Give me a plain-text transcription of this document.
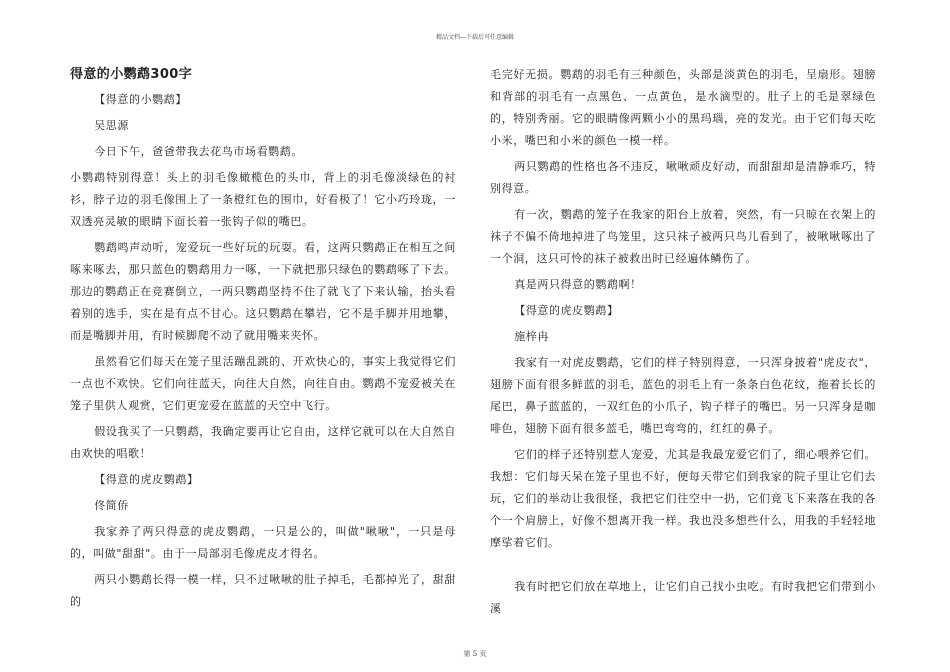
精品文档---下载后可任意编辑
得意的小鹦鹉300字

【得意的小鹦鹉】

吴思源

今日下午，爸爸带我去花鸟市场看鹦鹉。

小鹦鹉特别得意！头上的羽毛像橄榄色的头巾，背上的羽毛像淡绿色的衬衫，脖子边的羽毛像围上了一条橙红色的围巾，好看极了！它小巧玲珑，一双透亮灵敏的眼睛下面长着一张钩子似的嘴巴。

鹦鹉鸣声动听，宠爱玩一些好玩的玩耍。看，这两只鹦鹉正在相互之间啄来啄去，那只蓝色的鹦鹉用力一啄，一下就把那只绿色的鹦鹉啄了下去。那边的鹦鹉正在竞赛倒立，一两只鹦鹉坚持不住了就飞了下来认输，抬头看着别的选手，实在是有点不甘心。这只鹦鹉在攀岩，它不是手脚并用地攀，而是嘴脚并用，有时候脚爬不动了就用嘴来夹怀。

虽然看它们每天在笼子里活蹦乱跳的、开欢快心的，事实上我觉得它们一点也不欢快。它们向往蓝天，向往大自然，向往自由。鹦鹉不宠爱被关在笼子里供人观赏，它们更宠爱在蓝蓝的天空中飞行。

假设我买了一只鹦鹉，我确定要再让它自由，这样它就可以在大自然自由欢快的唱歌！

【得意的虎皮鹦鹉】

佟简侨

我家养了两只得意的虎皮鹦鹉，一只是公的，叫做"啾啾"，一只是母的，叫做"甜甜"。由于一局部羽毛像虎皮才得名。

两只小鹦鹉长得一模一样，只不过啾啾的肚子掉毛，毛都掉光了，甜甜的

毛完好无损。鹦鹉的羽毛有三种颜色，头部是淡黄色的羽毛，呈扇形。翅膀和背部的羽毛有一点黑色、一点黄色，是水滴型的。肚子上的毛是翠绿色的，特别秀丽。它的眼睛像两颗小小的黑玛瑙，亮的发光。由于它们每天吃小米，嘴巴和小米的颜色一模一样。

两只鹦鹉的性格也各不违反，啾啾顽皮好动，而甜甜却是清静乖巧，特别得意。

有一次，鹦鹉的笼子在我家的阳台上放着，突然，有一只晾在衣架上的袜子不偏不倚地掉进了鸟笼里，这只袜子被两只鸟儿看到了，被啾啾啄出了一个洞，这只可怜的袜子被救出时已经遍体鳞伤了。

真是两只得意的鹦鹉啊！

【得意的虎皮鹦鹉】

施梓冉

我家有一对虎皮鹦鹉，它们的样子特别得意，一只浑身披着"虎皮衣"，翅膀下面有很多鲜蓝的羽毛，蓝色的羽毛上有一条条白色花纹，拖着长长的尾巴，鼻子蓝蓝的，一双红色的小爪子，钩子样子的嘴巴。另一只浑身是咖啡色，翅膀下面有很多蓝毛，嘴巴弯弯的，红红的鼻子。

它们的样子还特别惹人宠爱，尤其是我最宠爱它们了，细心喂养它们。我想：它们每天呆在笼子里也不好，便每天带它们到我家的院子里让它们去玩，它们的举动让我很怪，我把它们往空中一扔，它们竟飞下来落在我的各个一个肩膀上，好像不想离开我一样。我也没多想些什么，用我的手轻轻地摩挲着它们。

我有时把它们放在草地上，让它们自己找小虫吃。有时我把它们带到小溪

第 5 页
